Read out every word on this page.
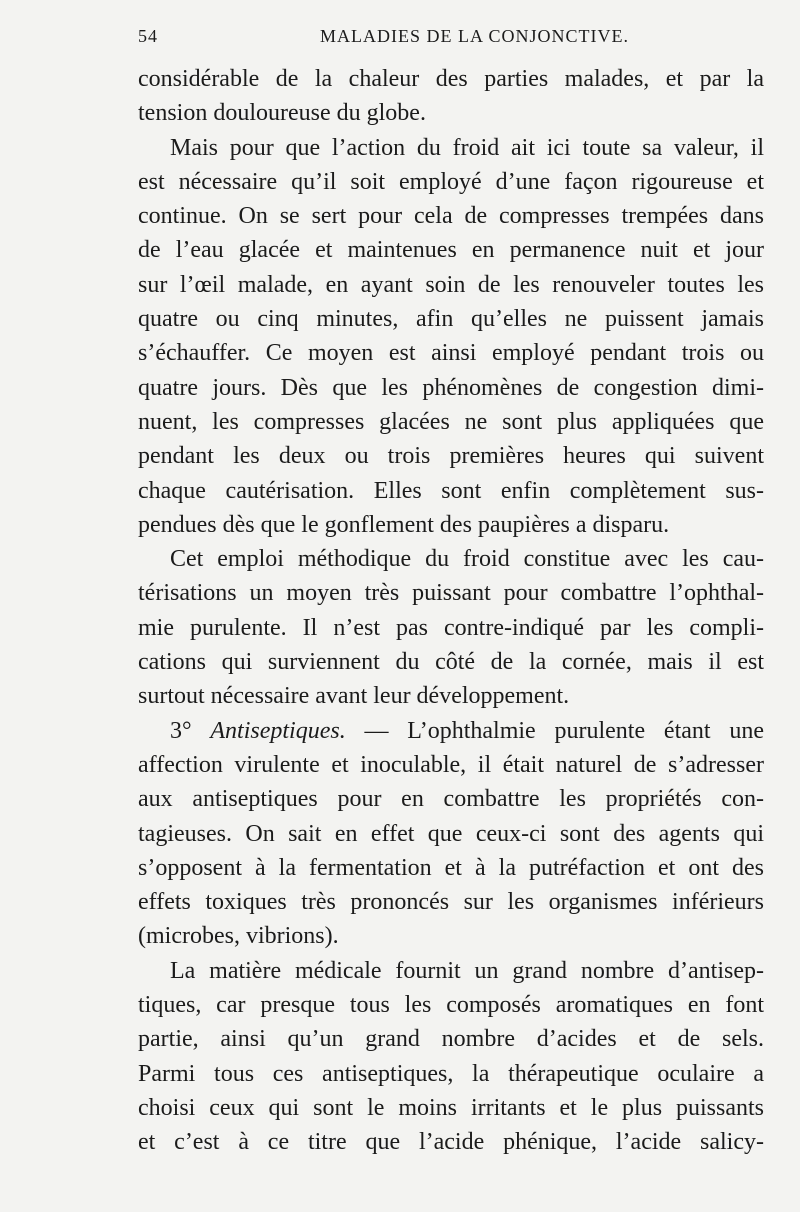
54	MALADIES DE LA CONJONCTIVE.

considérable de la chaleur des parties malades, et par la
tension douloureuse du globe.

Mais pour que l’action du froid ait ici toute sa valeur, il
est nécessaire qu’il soit employé d’une façon rigoureuse et
continue. On se sert pour cela de compresses trempées dans
de l’eau glacée et maintenues en permanence nuit et jour
sur l’œil malade, en ayant soin de les renouveler toutes les
quatre ou cinq minutes, afin qu’elles ne puissent jamais
s’échauffer. Ce moyen est ainsi employé pendant trois ou
quatre jours. Dès que les phénomènes de congestion dimi-
nuent, les compresses glacées ne sont plus appliquées que
pendant les deux ou trois premières heures qui suivent
chaque cautérisation. Elles sont enfin complètement sus-
pendues dès que le gonflement des paupières a disparu.

Cet emploi méthodique du froid constitue avec les cau-
térisations un moyen très puissant pour combattre l’ophthal-
mie purulente. Il n’est pas contre-indiqué par les compli-
cations qui surviennent du côté de la cornée, mais il est
surtout nécessaire avant leur développement.

3° Antiseptiques. — L’ophthalmie purulente étant une
affection virulente et inoculable, il était naturel de s’adresser
aux antiseptiques pour en combattre les propriétés con-
tagieuses. On sait en effet que ceux-ci sont des agents qui
s’opposent à la fermentation et à la putréfaction et ont des
effets toxiques très prononcés sur les organismes inférieurs
(microbes, vibrions).

La matière médicale fournit un grand nombre d’antisep-
tiques, car presque tous les composés aromatiques en font
partie, ainsi qu’un grand nombre d’acides et de sels.
Parmi tous ces antiseptiques, la thérapeutique oculaire a
choisi ceux qui sont le moins irritants et le plus puissants
et c’est à ce titre que l’acide phénique, l’acide salicy-
